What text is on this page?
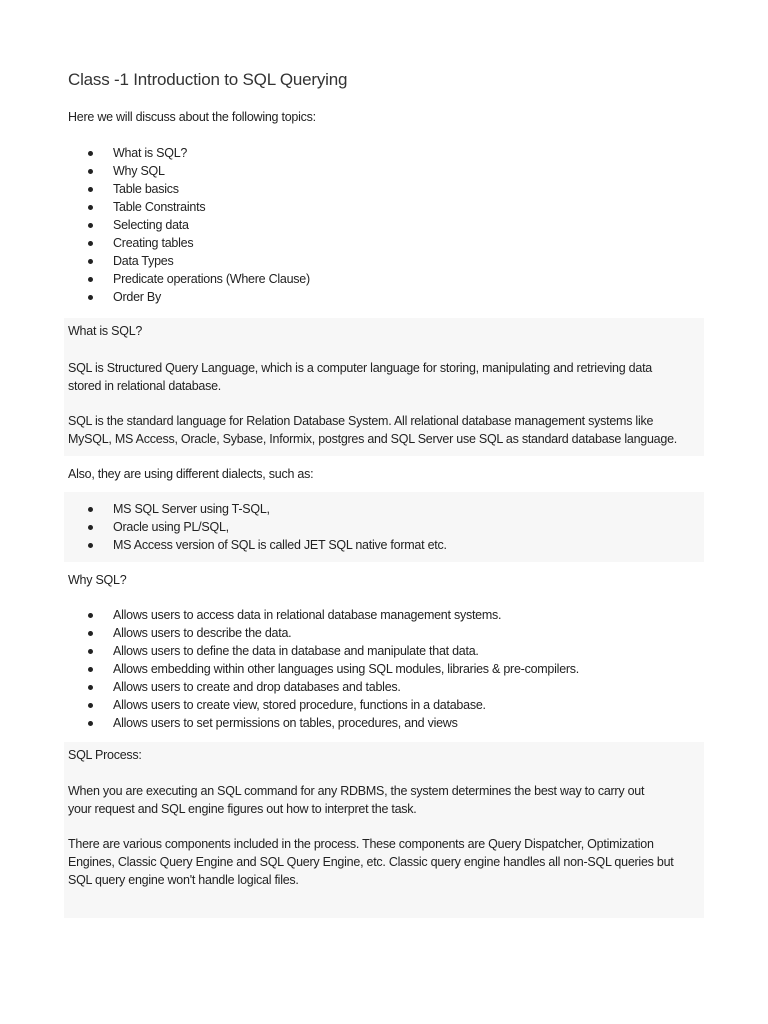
Class -1 Introduction to SQL Querying

Here we will discuss about the following topics:

What is SQL?
Why SQL
Table basics
Table Constraints
Selecting data
Creating tables
Data Types
Predicate operations (Where Clause)
Order By

What is SQL?

SQL is Structured Query Language, which is a computer language for storing, manipulating and retrieving data
stored in relational database.

SQL is the standard language for Relation Database System. All relational database management systems like
MySQL, MS Access, Oracle, Sybase, Informix, postgres and SQL Server use SQL as standard database language.

Also, they are using different dialects, such as:

MS SQL Server using T-SQL,
Oracle using PL/SQL,
MS Access version of SQL is called JET SQL native format etc.

Why SQL?

Allows users to access data in relational database management systems.
Allows users to describe the data.
Allows users to define the data in database and manipulate that data.
Allows embedding within other languages using SQL modules, libraries & pre-compilers.
Allows users to create and drop databases and tables.
Allows users to create view, stored procedure, functions in a database.
Allows users to set permissions on tables, procedures, and views

SQL Process:

When you are executing an SQL command for any RDBMS, the system determines the best way to carry out
your request and SQL engine figures out how to interpret the task.

There are various components included in the process. These components are Query Dispatcher, Optimization
Engines, Classic Query Engine and SQL Query Engine, etc. Classic query engine handles all non-SQL queries but
SQL query engine won't handle logical files.
